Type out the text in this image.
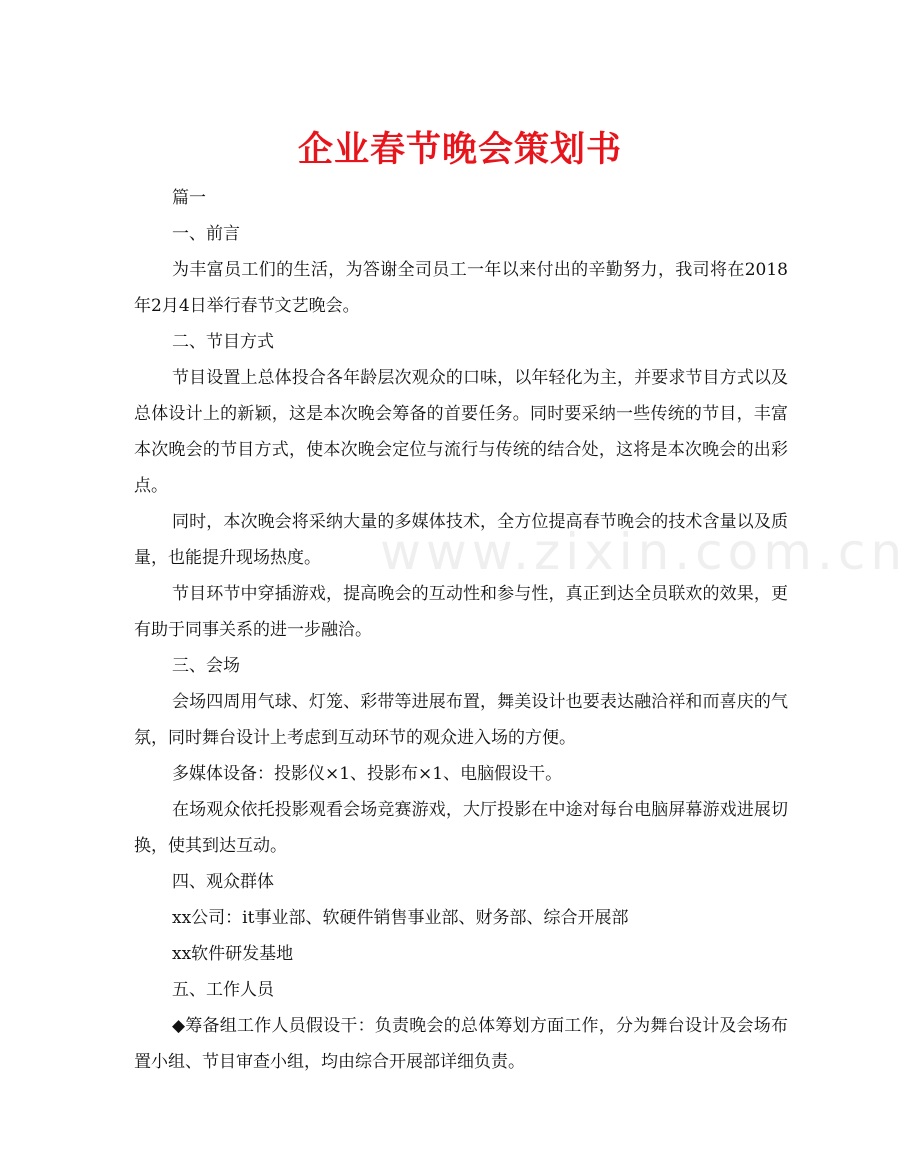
企业春节晚会策划书
www.zixin.com.cn

篇一

一、前言

为丰富员工们的生活，为答谢全司员工一年以来付出的辛勤努力，我司将在2018年2月4日举行春节文艺晚会。

二、节目方式

节目设置上总体投合各年龄层次观众的口味，以年轻化为主，并要求节目方式以及总体设计上的新颖，这是本次晚会筹备的首要任务。同时要采纳一些传统的节目，丰富本次晚会的节目方式，使本次晚会定位与流行与传统的结合处，这将是本次晚会的出彩点。

同时，本次晚会将采纳大量的多媒体技术，全方位提高春节晚会的技术含量以及质量，也能提升现场热度。

节目环节中穿插游戏，提高晚会的互动性和参与性，真正到达全员联欢的效果，更有助于同事关系的进一步融洽。

三、会场

会场四周用气球、灯笼、彩带等进展布置，舞美设计也要表达融洽祥和而喜庆的气氛，同时舞台设计上考虑到互动环节的观众进入场的方便。

多媒体设备：投影仪×1、投影布×1、电脑假设干。

在场观众依托投影观看会场竞赛游戏，大厅投影在中途对每台电脑屏幕游戏进展切换，使其到达互动。

四、观众群体

xx公司：it事业部、软硬件销售事业部、财务部、综合开展部

xx软件研发基地

五、工作人员

◆筹备组工作人员假设干：负责晚会的总体筹划方面工作，分为舞台设计及会场布置小组、节目审查小组，均由综合开展部详细负责。
